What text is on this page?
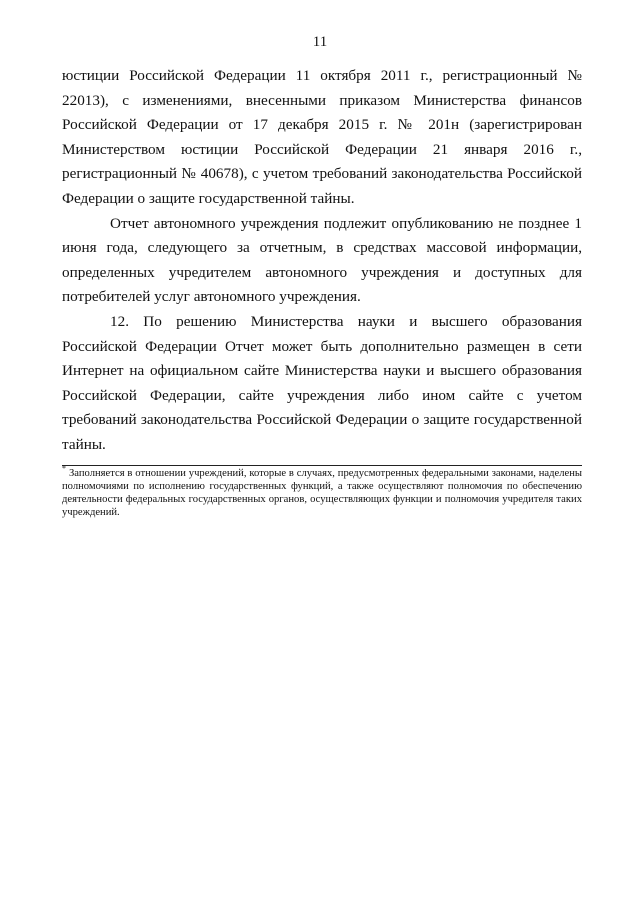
11

юстиции Российской Федерации 11 октября 2011 г., регистрационный № 22013), с изменениями, внесенными приказом Министерства финансов Российской Федерации от 17 декабря 2015 г. № 201н (зарегистрирован Министерством юстиции Российской Федерации 21 января 2016 г., регистрационный № 40678), с учетом требований законодательства Российской Федерации о защите государственной тайны.

Отчет автономного учреждения подлежит опубликованию не позднее 1 июня года, следующего за отчетным, в средствах массовой информации, определенных учредителем автономного учреждения и доступных для потребителей услуг автономного учреждения.

12. По решению Министерства науки и высшего образования Российской Федерации Отчет может быть дополнительно размещен в сети Интернет на официальном сайте Министерства науки и высшего образования Российской Федерации, сайте учреждения либо ином сайте с учетом требований законодательства Российской Федерации о защите государственной тайны.

* Заполняется в отношении учреждений, которые в случаях, предусмотренных федеральными законами, наделены полномочиями по исполнению государственных функций, а также осуществляют полномочия по обеспечению деятельности федеральных государственных органов, осуществляющих функции и полномочия учредителя таких учреждений.
